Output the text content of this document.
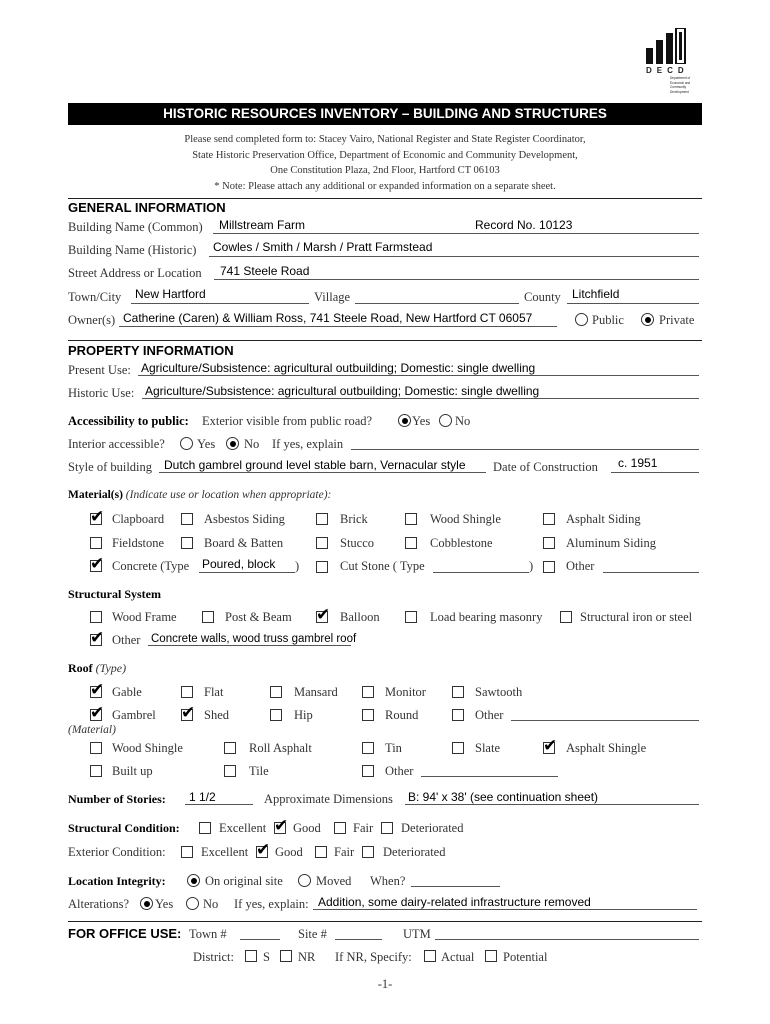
DECD
Department of Economic and Community Development
HISTORIC RESOURCES INVENTORY – BUILDING AND STRUCTURES
Please send completed form to: Stacey Vairo, National Register and State Register Coordinator,
State Historic Preservation Office, Department of Economic and Community Development,
One Constitution Plaza, 2nd Floor, Hartford CT 06103
* Note: Please attach any additional or expanded information on a separate sheet.
GENERAL INFORMATION
Building Name (Common) Millstream Farm	Record No. 10123
Building Name (Historic) Cowles / Smith / Marsh / Pratt Farmstead
Street Address or Location 741 Steele Road
Town/City New Hartford	Village	County Litchfield
Owner(s) Catherine (Caren) & William Ross, 741 Steele Road, New Hartford CT 06057	Public	Private
PROPERTY INFORMATION
Present Use: Agriculture/Subsistence: agricultural outbuilding; Domestic: single dwelling
Historic Use: Agriculture/Subsistence: agricultural outbuilding; Domestic: single dwelling
Accessibility to public: Exterior visible from public road?	Yes No
Interior accessible?	Yes No If yes, explain
Style of building Dutch gambrel ground level stable barn, Vernacular style Date of Construction c. 1951
Material(s) (Indicate use or location when appropriate):
✔ Clapboard	Asbestos Siding	Brick	Wood Shingle	Asphalt Siding
Fieldstone	Board & Batten	Stucco	Cobblestone	Aluminum Siding
✔ Concrete (Type Poured, block )	Cut Stone ( Type	)	Other
Structural System
Wood Frame	Post & Beam ✔ Balloon	Load bearing masonry	Structural iron or steel
✔ Other Concrete walls, wood truss gambrel roof
Roof (Type)
✔ Gable	Flat	Mansard	Monitor	Sawtooth
✔ Gambrel ✔ Shed	Hip	Round	Other
(Material)
Wood Shingle	Roll Asphalt	Tin	Slate	✔ Asphalt Shingle
Built up	Tile	Other
Number of Stories: 1 1/2	Approximate Dimensions B: 94' x 38' (see continuation sheet)
Structural Condition:	Excellent ✔ Good	Fair Deteriorated
Exterior Condition:	Excellent ✔ Good Fair Deteriorated
Location Integrity:	On original site	Moved When?
Alterations? Yes No If yes, explain: Addition, some dairy-related infrastructure removed
FOR OFFICE USE: Town #	Site #	UTM
District: S NR If NR, Specify: Actual Potential
-1-
